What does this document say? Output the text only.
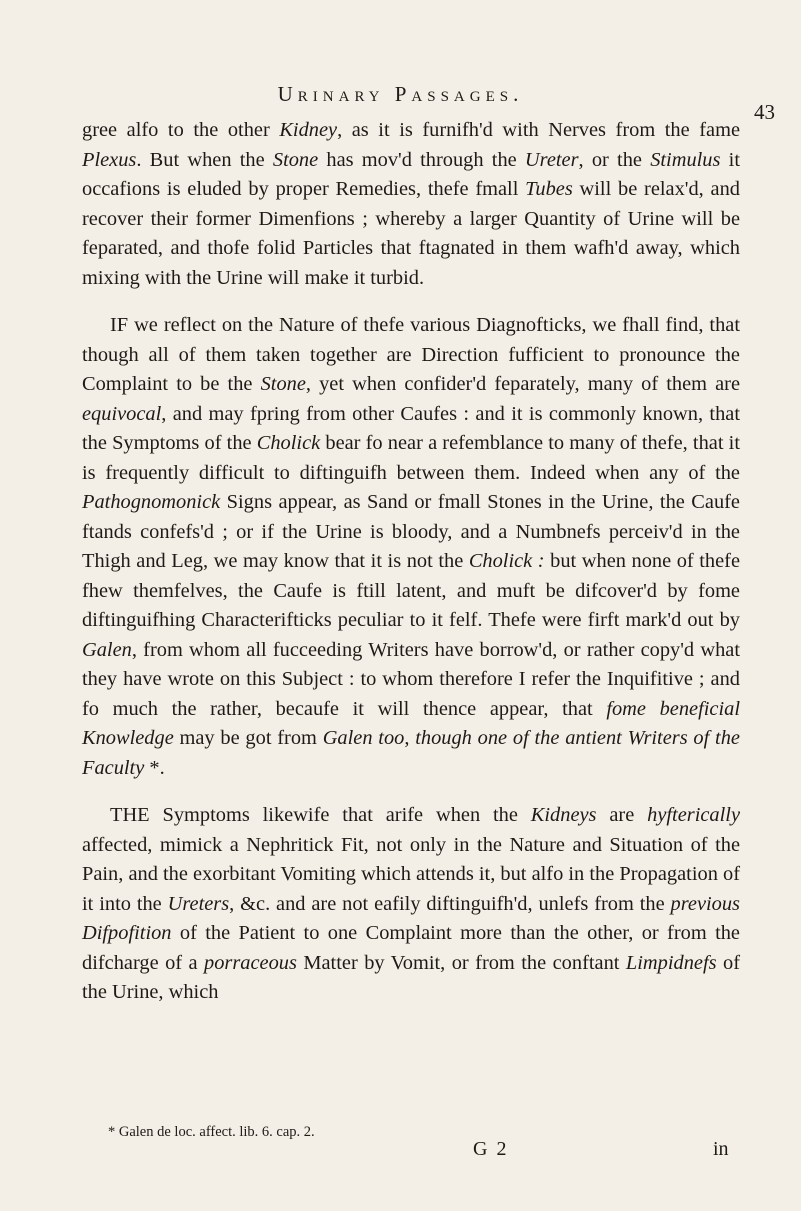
Urinary Passages.
43

gree alfo to the other Kidney, as it is furnifh'd with Nerves from the fame Plexus. But when the Stone has mov'd through the Ureter, or the Stimulus it occafions is eluded by proper Remedies, thefe fmall Tubes will be relax'd, and recover their former Dimenfions ; whereby a larger Quantity of Urine will be feparated, and thofe folid Particles that ftagnated in them wafh'd away, which mixing with the Urine will make it turbid.

IF we reflect on the Nature of thefe various Diagnofticks, we fhall find, that though all of them taken together are Direction fufficient to pronounce the Complaint to be the Stone, yet when confider'd feparately, many of them are equivocal, and may fpring from other Caufes : and it is commonly known, that the Symptoms of the Cholick bear fo near a refemblance to many of thefe, that it is frequently difficult to diftinguifh between them. Indeed when any of the Pathognomonick Signs appear, as Sand or fmall Stones in the Urine, the Caufe ftands confefs'd ; or if the Urine is bloody, and a Numbnefs perceiv'd in the Thigh and Leg, we may know that it is not the Cholick : but when none of thefe fhew themfelves, the Caufe is ftill latent, and muft be difcover'd by fome diftinguifhing Characterifticks peculiar to it felf. Thefe were firft mark'd out by Galen, from whom all fucceeding Writers have borrow'd, or rather copy'd what they have wrote on this Subject : to whom therefore I refer the Inquifitive ; and fo much the rather, becaufe it will thence appear, that fome beneficial Knowledge may be got from Galen too, though one of the antient Writers of the Faculty *.

THE Symptoms likewife that arife when the Kidneys are hyfterically affected, mimick a Nephritick Fit, not only in the Nature and Situation of the Pain, and the exorbitant Vomiting which attends it, but alfo in the Propagation of it into the Ureters, &c. and are not eafily diftinguifh'd, unlefs from the previous Difpofition of the Patient to one Complaint more than the other, or from the difcharge of a porraceous Matter by Vomit, or from the conftant Limpidnefs of the Urine, which

* Galen de loc. affect. lib. 6. cap. 2.
G 2	in
